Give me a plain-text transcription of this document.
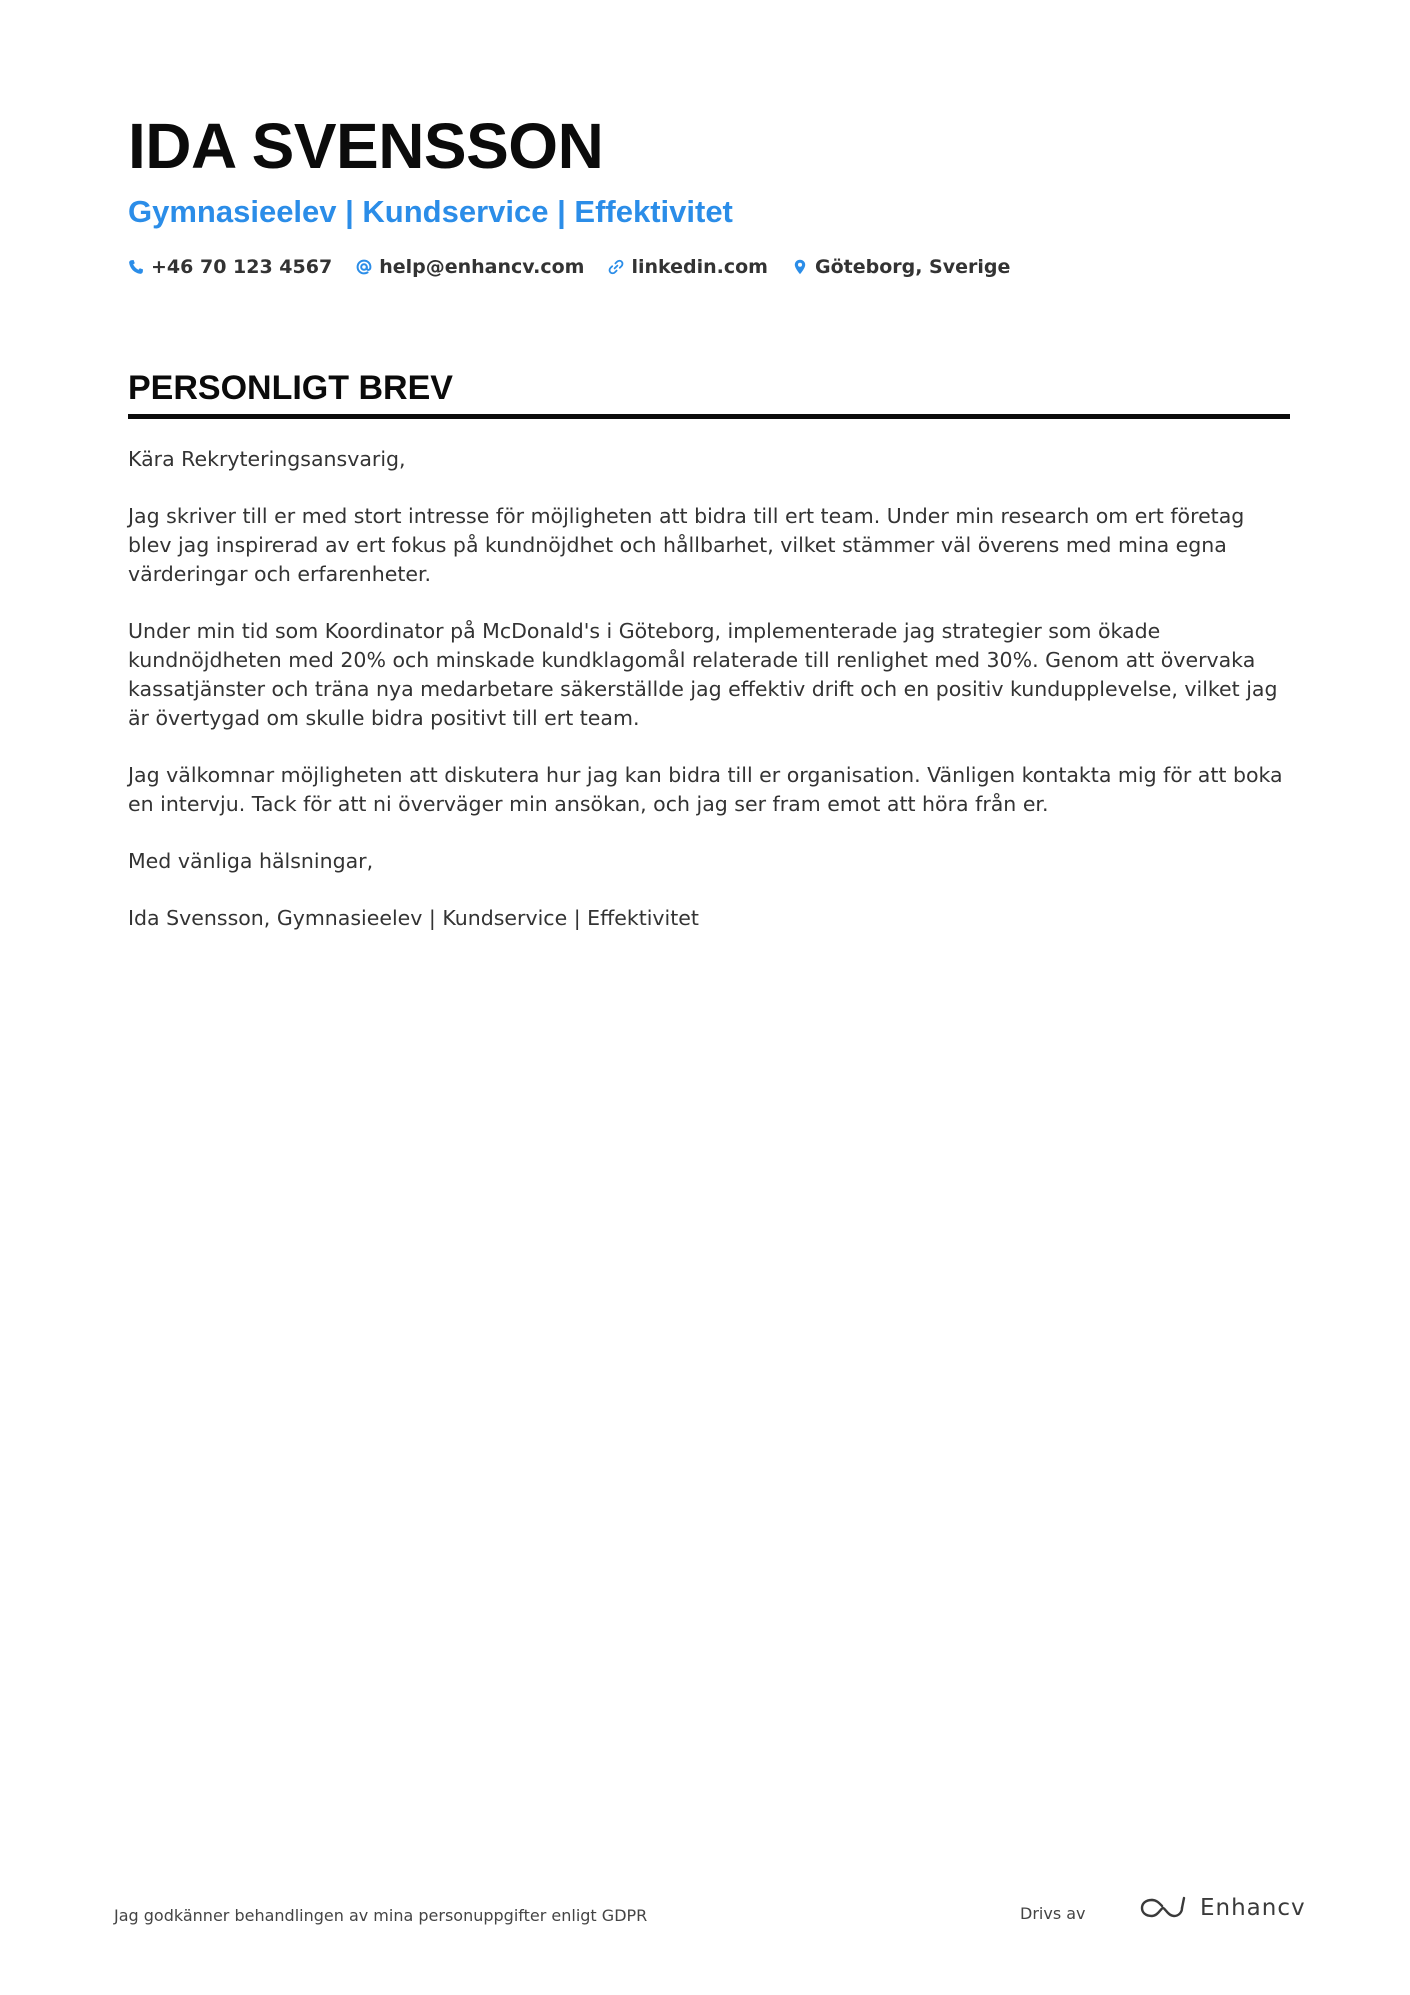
IDA SVENSSON
Gymnasieelev | Kundservice | Effektivitet
+46 70 123 4567 help@enhancv.com linkedin.com Göteborg, Sverige
PERSONLIGT BREV

Kära Rekryteringsansvarig,

Jag skriver till er med stort intresse för möjligheten att bidra till ert team. Under min research om ert företag blev jag inspirerad av ert fokus på kundnöjdhet och hållbarhet, vilket stämmer väl överens med mina egna värderingar och erfarenheter.

Under min tid som Koordinator på McDonald's i Göteborg, implementerade jag strategier som ökade kundnöjdheten med 20% och minskade kundklagomål relaterade till renlighet med 30%. Genom att övervaka kassatjänster och träna nya medarbetare säkerställde jag effektiv drift och en positiv kundupplevelse, vilket jag är övertygad om skulle bidra positivt till ert team.

Jag välkomnar möjligheten att diskutera hur jag kan bidra till er organisation. Vänligen kontakta mig för att boka en intervju. Tack för att ni överväger min ansökan, och jag ser fram emot att höra från er.

Med vänliga hälsningar,

Ida Svensson, Gymnasieelev | Kundservice | Effektivitet

Jag godkänner behandlingen av mina personuppgifter enligt GDPR	Drivs av	Enhancv
